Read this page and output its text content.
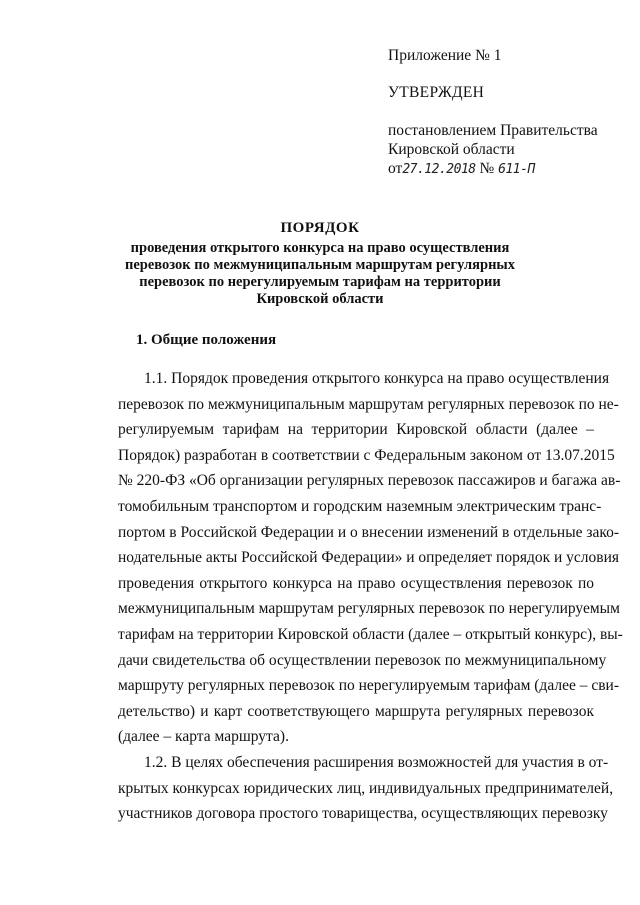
Приложение № 1
УТВЕРЖДЕН
постановлением Правительства
Кировской области
от27.12.2018 № 611-П
ПОРЯДОК
проведения открытого конкурса на право осуществления
перевозок по межмуниципальным маршрутам регулярных
перевозок по нерегулируемым тарифам на территории
Кировской области
1. Общие положения
1.1. Порядок проведения открытого конкурса на право осуществления
перевозок по межмуниципальным маршрутам регулярных перевозок по не-
регулируемым тарифам на территории Кировской области (далее –
Порядок) разработан в соответствии с Федеральным законом от 13.07.2015
№ 220-ФЗ «Об организации регулярных перевозок пассажиров и багажа ав-
томобильным транспортом и городским наземным электрическим транс-
портом в Российской Федерации и о внесении изменений в отдельные зако-
нодательные акты Российской Федерации» и определяет порядок и условия
проведения открытого конкурса на право осуществления перевозок по
межмуниципальным маршрутам регулярных перевозок по нерегулируемым
тарифам на территории Кировской области (далее – открытый конкурс), вы-
дачи свидетельства об осуществлении перевозок по межмуниципальному
маршруту регулярных перевозок по нерегулируемым тарифам (далее – сви-
детельство) и карт соответствующего маршрута регулярных перевозок
(далее – карта маршрута).
1.2. В целях обеспечения расширения возможностей для участия в от-
крытых конкурсах юридических лиц, индивидуальных предпринимателей,
участников договора простого товарищества, осуществляющих перевозку
